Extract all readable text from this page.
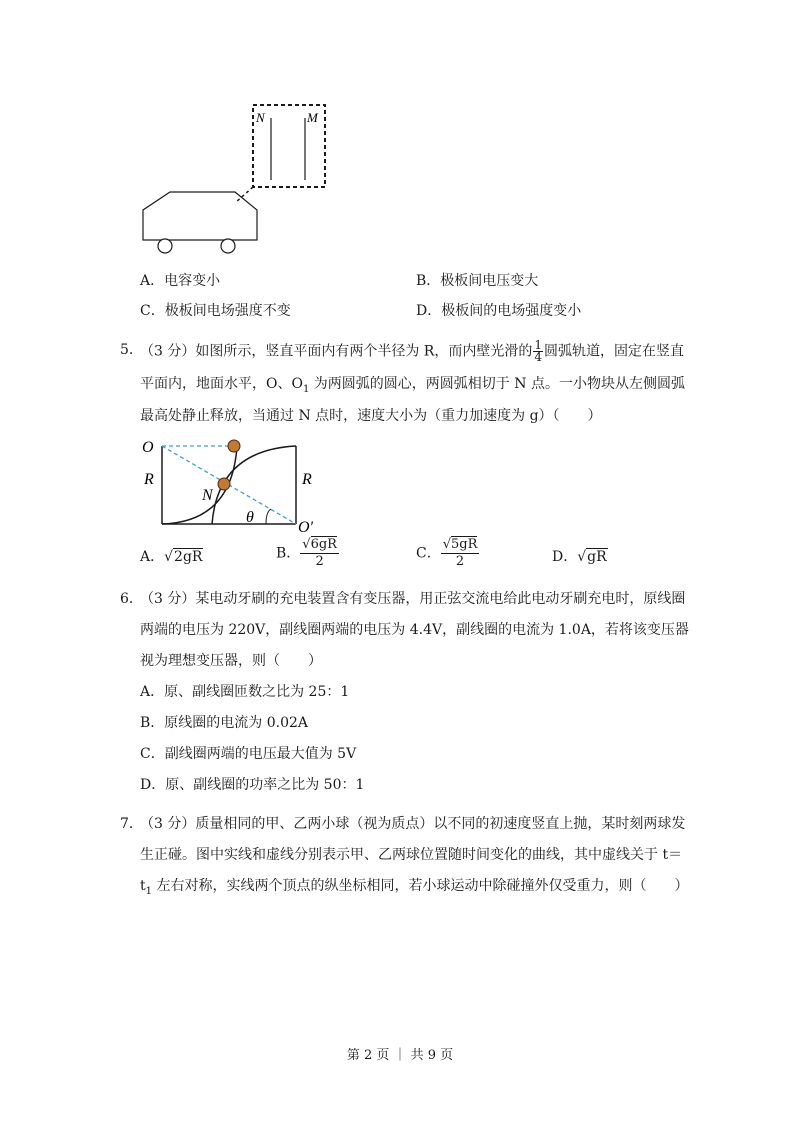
N	M
A．电容变小	B．极板间电压变大
C．极板间电场强度不变	D．极板间的电场强度变小
5．
（3 分）如图所示，竖直平面内有两个半径为 R，而内壁光滑的 $\frac{1}{4}$ 圆弧轨道，固定在竖直
平面内，地面水平，O、$O_1$ 为两圆弧的圆心，两圆弧相切于 N 点。一小物块从左侧圆弧
最高处静止释放，当通过 N 点时，速度大小为（重力加速度为 g）（　　）
O
R
N
θ
R
O′
A．√2gR	B． $\frac{√6gR}{2}$	C． $\frac{√5gR}{2}$	D．√gR
6．
（3 分）某电动牙刷的充电装置含有变压器，用正弦交流电给此电动牙刷充电时，原线圈
两端的电压为 220V，副线圈两端的电压为 4.4V，副线圈的电流为 1.0A，若将该变压器
视为理想变压器，则（　　）
A．原、副线圈匝数之比为 25：1
B．原线圈的电流为 0.02A
C．副线圈两端的电压最大值为 5V
D．原、副线圈的功率之比为 50：1
7．
（3 分）质量相同的甲、乙两小球（视为质点）以不同的初速度竖直上抛，某时刻两球发
生正碰。图中实线和虚线分别表示甲、乙两球位置随时间变化的曲线，其中虚线关于 t＝
$t_1$ 左右对称，实线两个顶点的纵坐标相同，若小球运动中除碰撞外仅受重力，则（　　）
第 2 页 ｜ 共 9 页
